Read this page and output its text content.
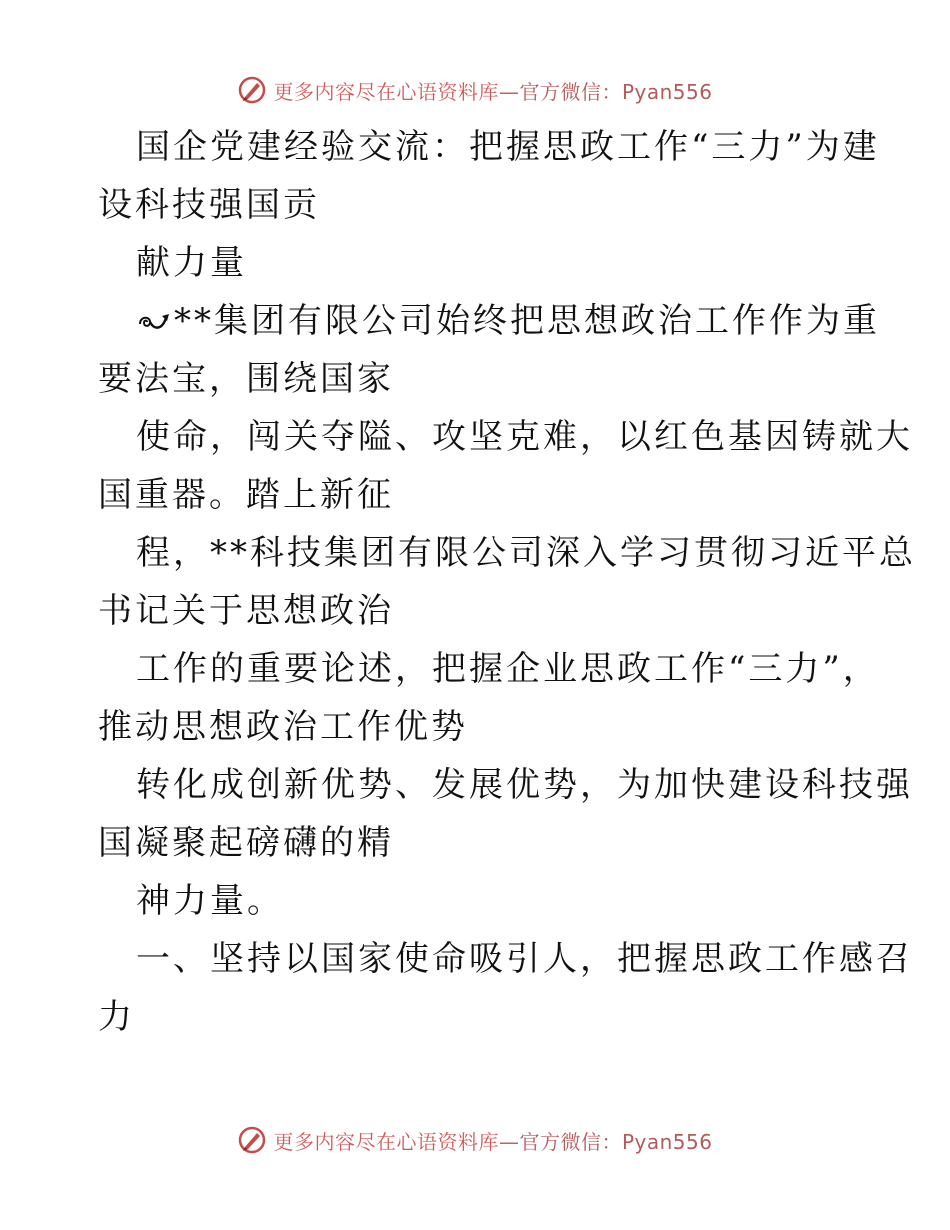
更多内容尽在心语资料库— 官方微信：Pyan556
国企党建经验交流：把握思政工作“三力”为建
设科技强国贡
献力量
**集团有限公司始终把思想政治工作作为重
要法宝，围绕国家
使命，闯关夺隘、攻坚克难，以红色基因铸就大
国重器。踏上新征
程，**科技集团有限公司深入学习贯彻习近平总
书记关于思想政治
工作的重要论述，把握企业思政工作“三力”，
推动思想政治工作优势
转化成创新优势、发展优势，为加快建设科技强
国凝聚起磅礴的精
神力量。
一、坚持以国家使命吸引人，把握思政工作感召
力
更多内容尽在心语资料库— 官方微信：Pyan556
